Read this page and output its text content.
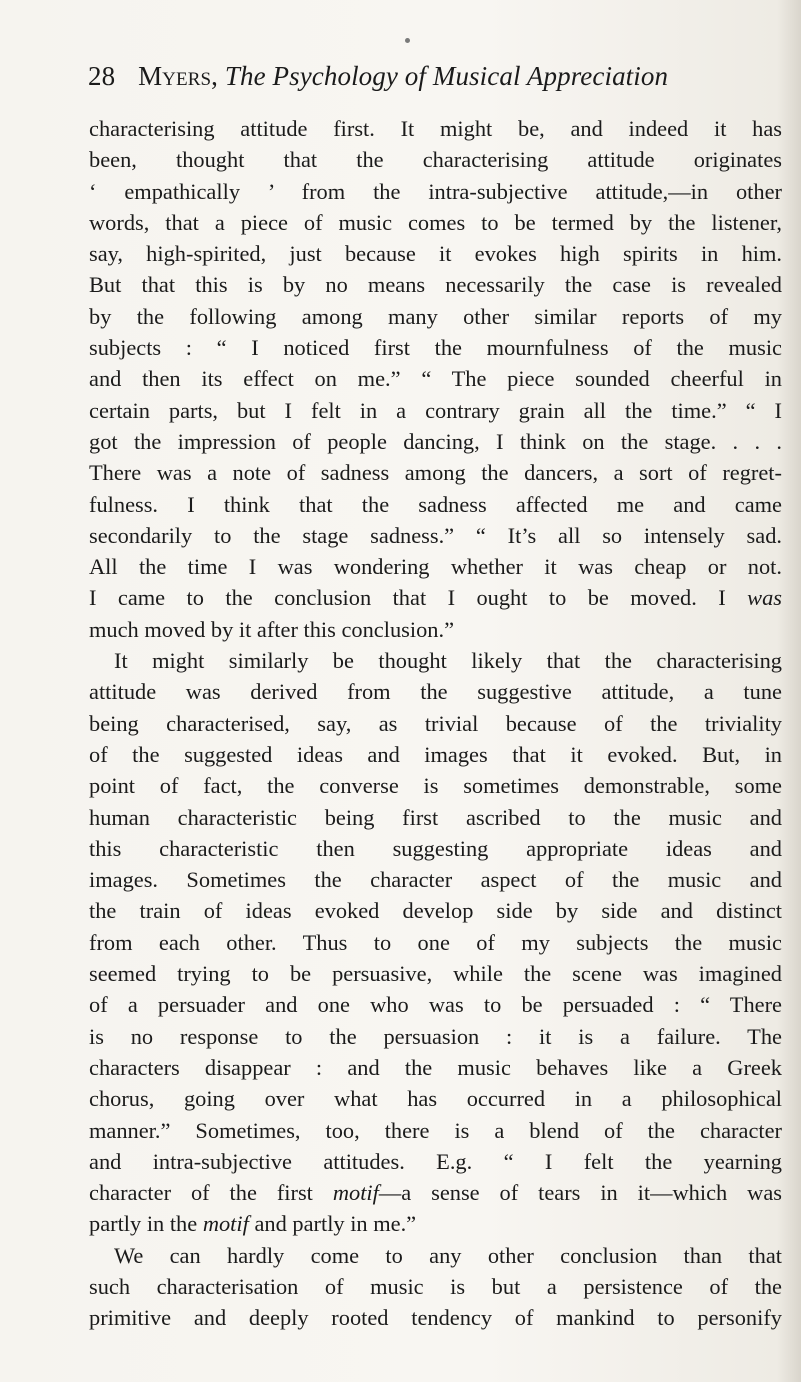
28 Myers, The Psychology of Musical Appreciation
characterising attitude first. It might be, and indeed it has
been, thought that the characterising attitude originates
‘ empathically ’ from the intra-subjective attitude,—in other
words, that a piece of music comes to be termed by the listener,
say, high-spirited, just because it evokes high spirits in him.
But that this is by no means necessarily the case is revealed
by the following among many other similar reports of my
subjects : “ I noticed first the mournfulness of the music
and then its effect on me.” “ The piece sounded cheerful in
certain parts, but I felt in a contrary grain all the time.” “ I
got the impression of people dancing, I think on the stage. . . .
There was a note of sadness among the dancers, a sort of regret-
fulness. I think that the sadness affected me and came
secondarily to the stage sadness.” “ It’s all so intensely sad.
All the time I was wondering whether it was cheap or not.
I came to the conclusion that I ought to be moved. I was
much moved by it after this conclusion.”
It might similarly be thought likely that the characterising
attitude was derived from the suggestive attitude, a tune
being characterised, say, as trivial because of the triviality
of the suggested ideas and images that it evoked. But, in
point of fact, the converse is sometimes demonstrable, some
human characteristic being first ascribed to the music and
this characteristic then suggesting appropriate ideas and
images. Sometimes the character aspect of the music and
the train of ideas evoked develop side by side and distinct
from each other. Thus to one of my subjects the music
seemed trying to be persuasive, while the scene was imagined
of a persuader and one who was to be persuaded : “ There
is no response to the persuasion : it is a failure. The
characters disappear : and the music behaves like a Greek
chorus, going over what has occurred in a philosophical
manner.” Sometimes, too, there is a blend of the character
and intra-subjective attitudes. E.g. “ I felt the yearning
character of the first motif—a sense of tears in it—which was
partly in the motif and partly in me.”
We can hardly come to any other conclusion than that
such characterisation of music is but a persistence of the
primitive and deeply rooted tendency of mankind to personify
